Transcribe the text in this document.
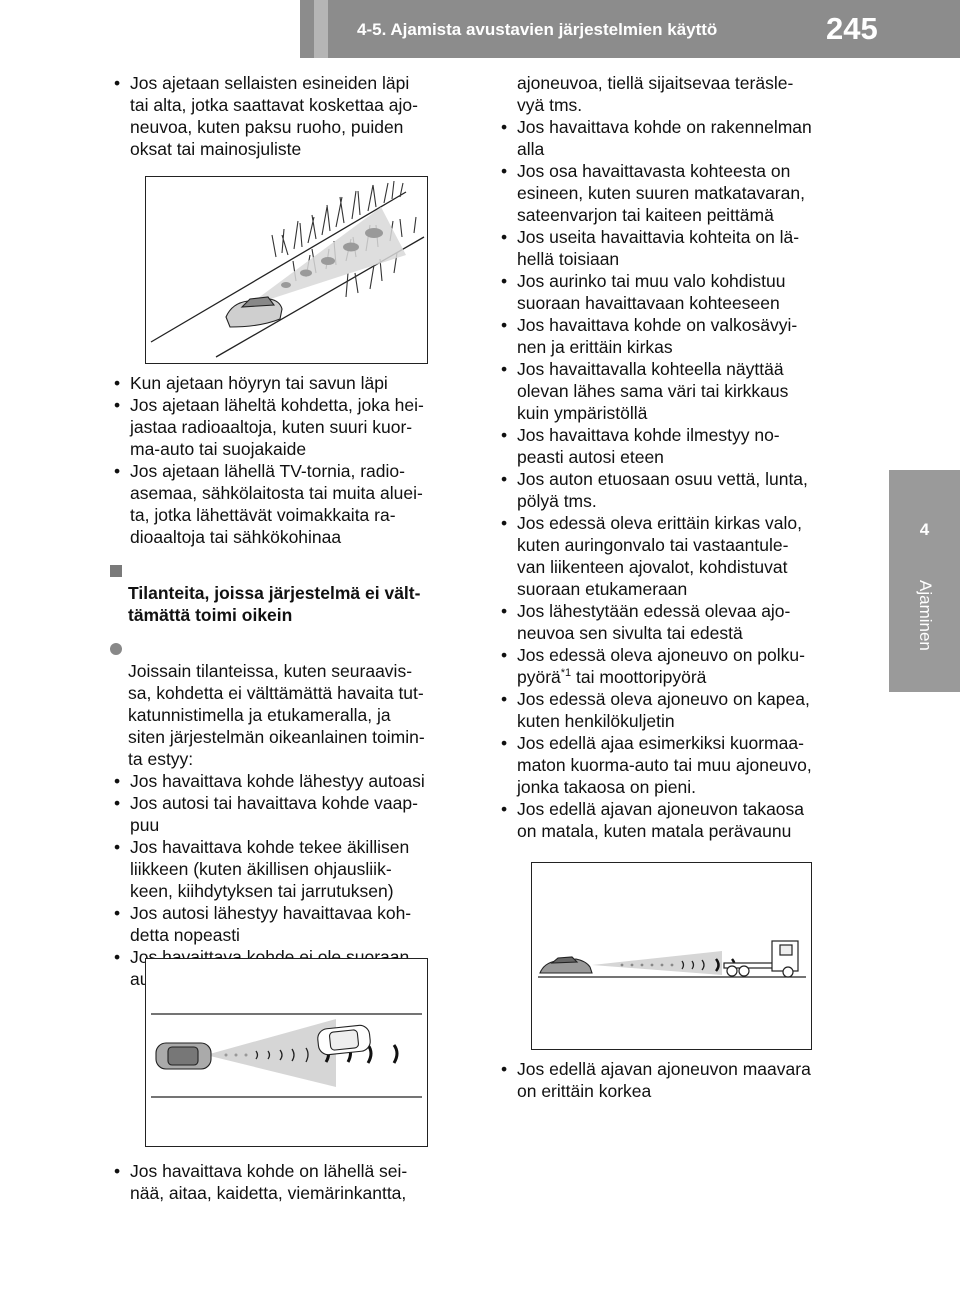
4-5. Ajamista avustavien järjestelmien käyttö	245
4
Ajaminen
• Jos ajetaan sellaisten esineiden läpi
tai alta, jotka saattavat koskettaa ajo-
neuvoa, kuten paksu ruoho, puiden
oksat tai mainosjuliste
• Kun ajetaan höyryn tai savun läpi
• Jos ajetaan läheltä kohdetta, joka hei-
jastaa radioaaltoja, kuten suuri kuor-
ma-auto tai suojakaide
• Jos ajetaan lähellä TV-tornia, radio-
asemaa, sähkölaitosta tai muita aluei-
ta, jotka lähettävät voimakkaita ra-
dioaaltoja tai sähkökohinaa

Tilanteita, joissa järjestelmä ei vält-
tämättä toimi oikein

Joissain tilanteissa, kuten seuraavis-
sa, kohdetta ei välttämättä havaita tut-
katunnistimella ja etukameralla, ja
siten järjestelmän oikeanlainen toimin-
ta estyy:

• Jos havaittava kohde lähestyy autoasi
• Jos autosi tai havaittava kohde vaap-
puu
• Jos havaittava kohde tekee äkillisen
liikkeen (kuten äkillisen ohjausliik-
keen, kiihdytyksen tai jarrutuksen)
• Jos autosi lähestyy havaittavaa koh-
detta nopeasti
• Jos havaittava kohde ei ole suoraan
autosi edessä
• Jos havaittava kohde on lähellä sei-
nää, aitaa, kaidetta, viemärinkantta,
ajoneuvoa, tiellä sijaitsevaa teräsle-
vyä tms.
• Jos havaittava kohde on rakennelman
alla
• Jos osa havaittavasta kohteesta on
esineen, kuten suuren matkatavaran,
sateenvarjon tai kaiteen peittämä
• Jos useita havaittavia kohteita on lä-
hellä toisiaan
• Jos aurinko tai muu valo kohdistuu
suoraan havaittavaan kohteeseen
• Jos havaittava kohde on valkosävyi-
nen ja erittäin kirkas
• Jos havaittavalla kohteella näyttää
olevan lähes sama väri tai kirkkaus
kuin ympäristöllä
• Jos havaittava kohde ilmestyy no-
peasti autosi eteen
• Jos auton etuosaan osuu vettä, lunta,
pölyä tms.
• Jos edessä oleva erittäin kirkas valo,
kuten auringonvalo tai vastaantule-
van liikenteen ajovalot, kohdistuvat
suoraan etukameraan
• Jos lähestytään edessä olevaa ajo-
neuvoa sen sivulta tai edestä
• Jos edessä oleva ajoneuvo on polku-
pyörä$^{*1}$ tai moottoripyörä
• Jos edessä oleva ajoneuvo on kapea,
kuten henkilökuljetin
• Jos edellä ajaa esimerkiksi kuormaa-
maton kuorma-auto tai muu ajoneuvo,
jonka takaosa on pieni.
• Jos edellä ajavan ajoneuvon takaosa
on matala, kuten matala perävaunu
• Jos edellä ajavan ajoneuvon maavara
on erittäin korkea
